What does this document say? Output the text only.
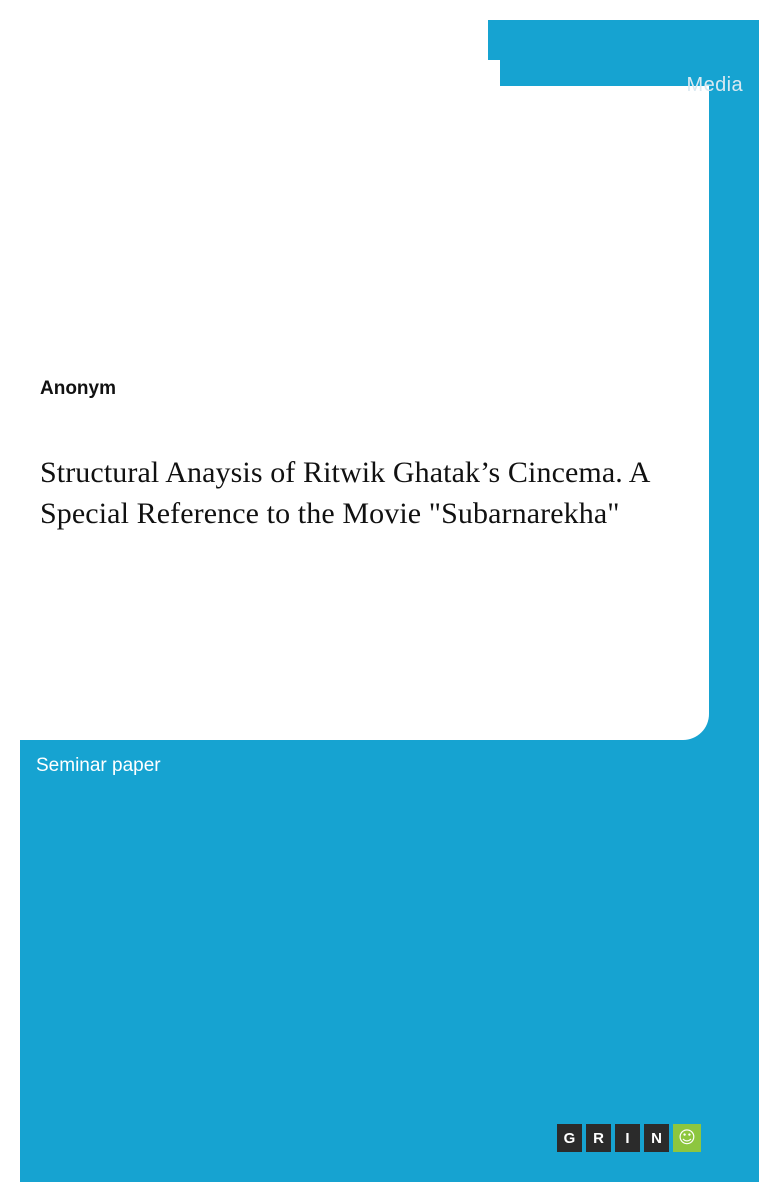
Media
Anonym
Structural Anaysis of Ritwik Ghatak’s Cincema. A Special Reference to the Movie "Subarnarekha"
Seminar paper
G	R	I	N ☺
